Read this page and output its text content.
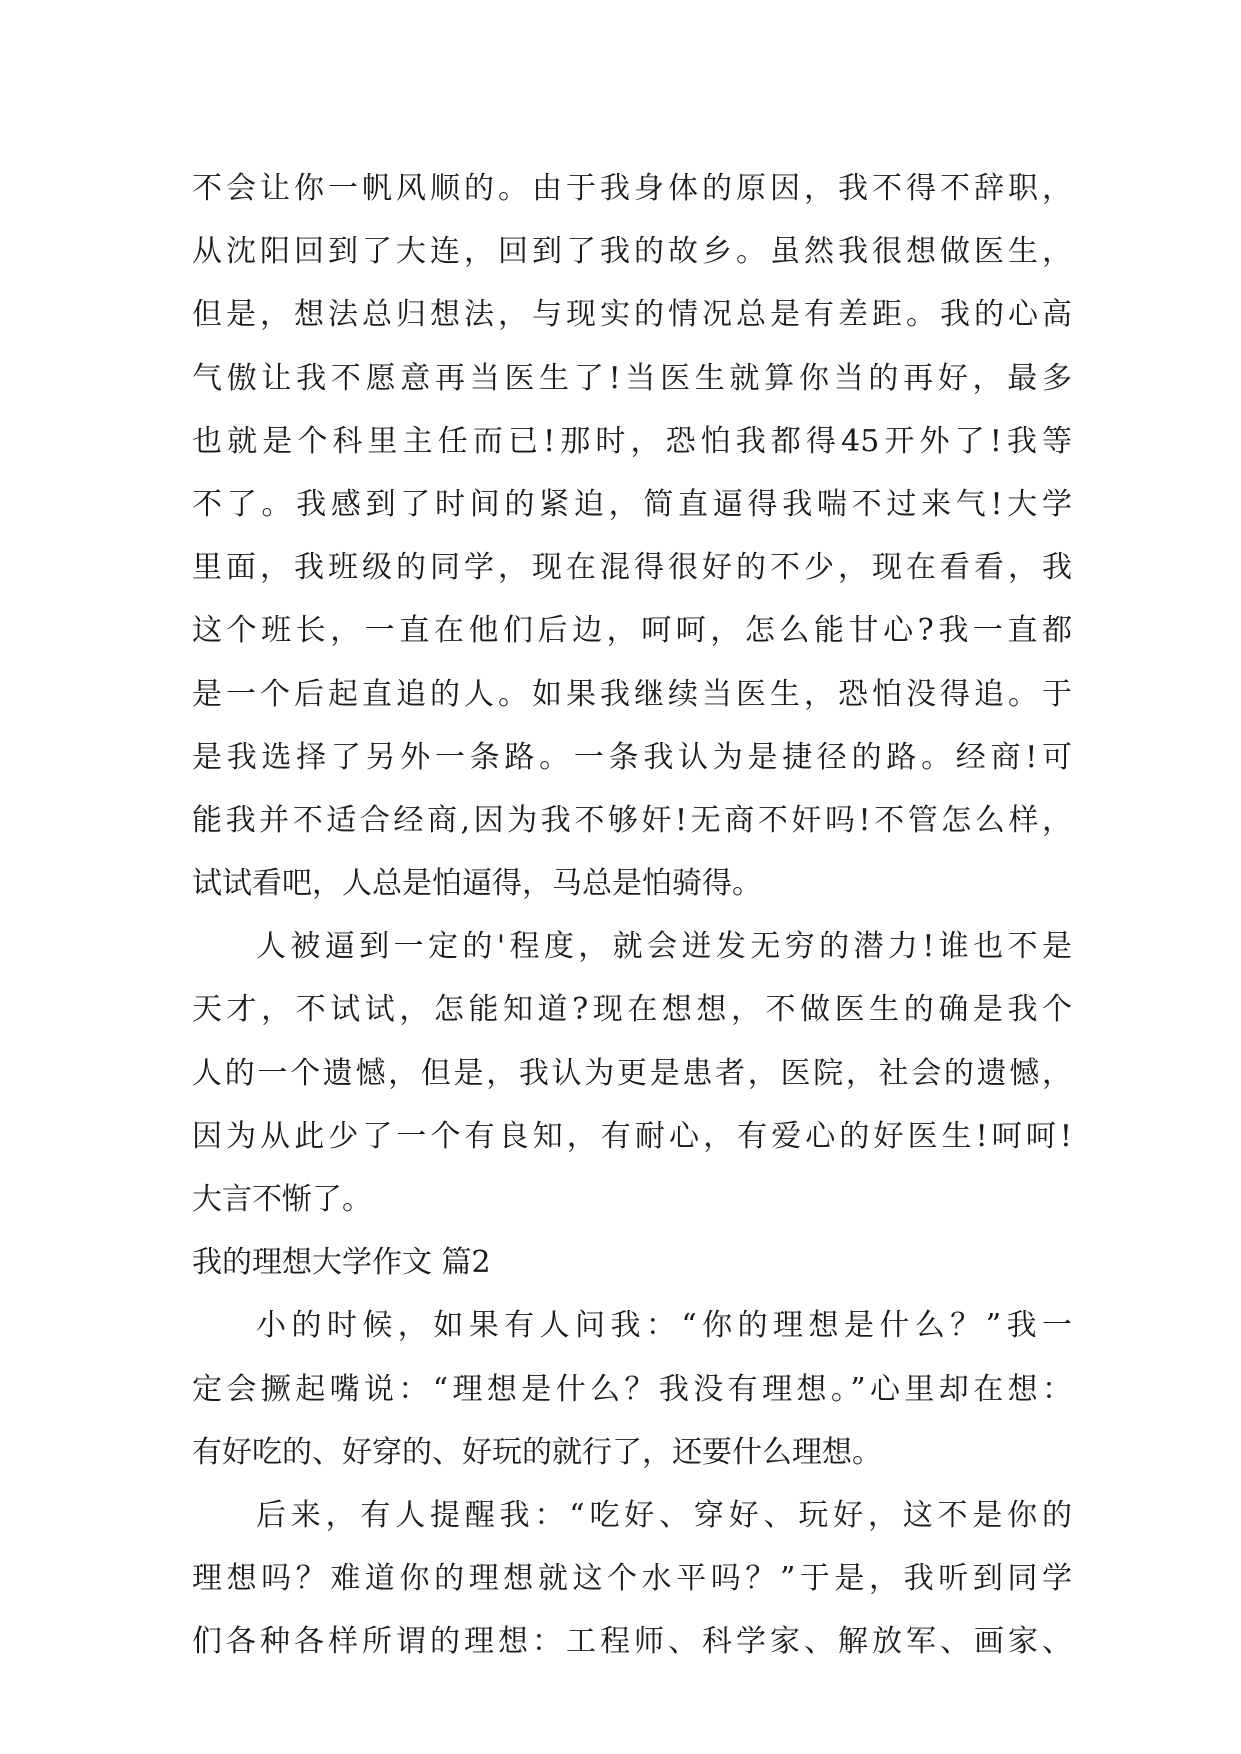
不会让你一帆风顺的。由于我身体的原因，我不得不辞职，
从沈阳回到了大连，回到了我的故乡。虽然我很想做医生，
但是，想法总归想法，与现实的情况总是有差距。我的心高
气傲让我不愿意再当医生了!当医生就算你当的再好，最多
也就是个科里主任而已!那时，恐怕我都得45开外了!我等
不了。我感到了时间的紧迫，简直逼得我喘不过来气!大学
里面，我班级的同学，现在混得很好的不少，现在看看，我
这个班长，一直在他们后边，呵呵，怎么能甘心?我一直都
是一个后起直追的人。如果我继续当医生，恐怕没得追。于
是我选择了另外一条路。一条我认为是捷径的路。经商!可
能我并不适合经商,因为我不够奸!无商不奸吗!不管怎么样，
试试看吧，人总是怕逼得，马总是怕骑得。
人被逼到一定的'程度，就会迸发无穷的潜力!谁也不是
天才，不试试，怎能知道?现在想想，不做医生的确是我个
人的一个遗憾，但是，我认为更是患者，医院，社会的遗憾，
因为从此少了一个有良知，有耐心，有爱心的好医生!呵呵!
大言不惭了。
我的理想大学作文 篇2
小的时候，如果有人问我：“你的理想是什么？”我一
定会撅起嘴说：“理想是什么？我没有理想。”心里却在想：
有好吃的、好穿的、好玩的就行了，还要什么理想。
后来，有人提醒我：“吃好、穿好、玩好，这不是你的
理想吗？难道你的理想就这个水平吗？”于是，我听到同学
们各种各样所谓的理想：工程师、科学家、解放军、画家、
